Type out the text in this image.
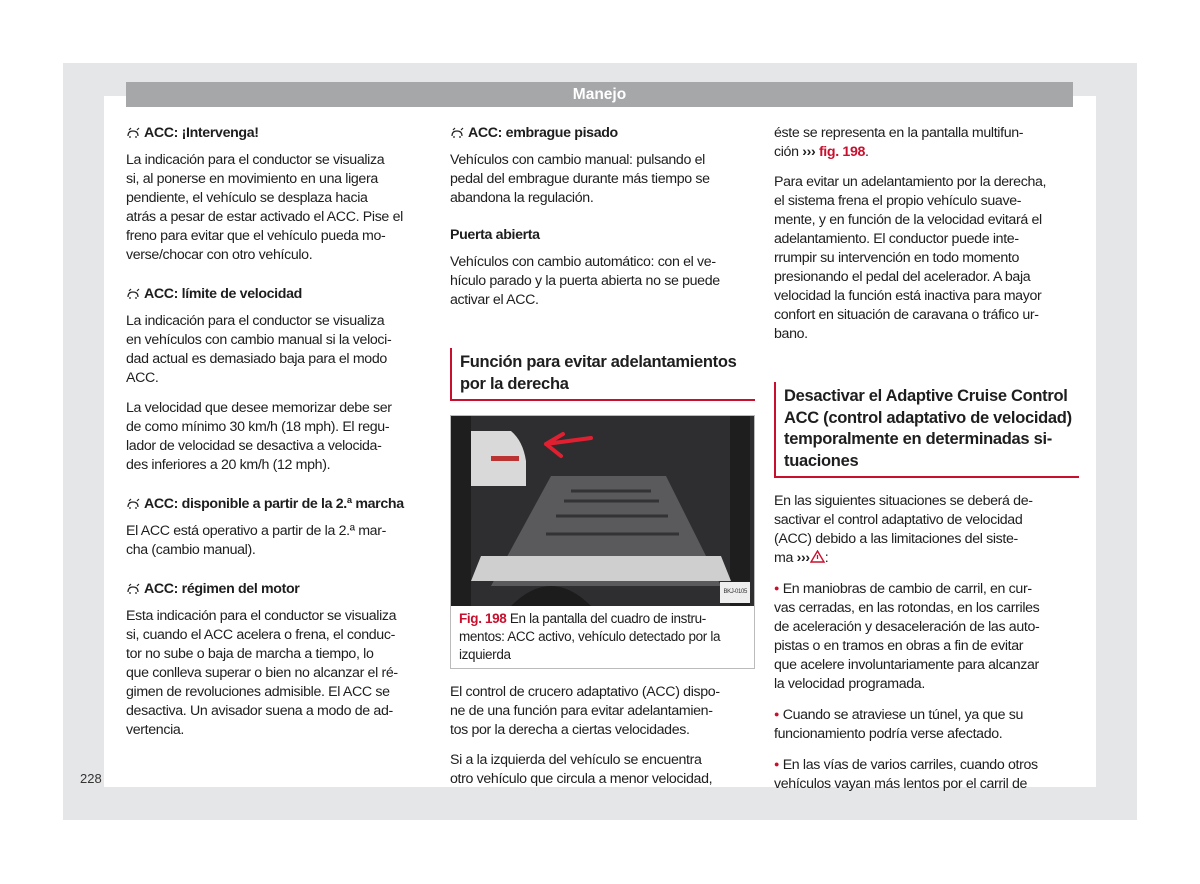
Manejo
228
ACC: ¡Intervenga!

La indicación para el conductor se visualiza
si, al ponerse en movimiento en una ligera
pendiente, el vehículo se desplaza hacia
atrás a pesar de estar activado el ACC. Pise el
freno para evitar que el vehículo pueda mo-
verse/chocar con otro vehículo.

ACC: límite de velocidad

La indicación para el conductor se visualiza
en vehículos con cambio manual si la veloci-
dad actual es demasiado baja para el modo
ACC.

La velocidad que desee memorizar debe ser
de como mínimo 30 km/h (18 mph). El regu-
lador de velocidad se desactiva a velocida-
des inferiores a 20 km/h (12 mph).

ACC: disponible a partir de la 2.ª marcha

El ACC está operativo a partir de la 2.ª mar-
cha (cambio manual).

ACC: régimen del motor

Esta indicación para el conductor se visualiza
si, cuando el ACC acelera o frena, el conduc-
tor no sube o baja de marcha a tiempo, lo
que conlleva superar o bien no alcanzar el ré-
gimen de revoluciones admisible. El ACC se
desactiva. Un avisador suena a modo de ad-
vertencia.

ACC: embrague pisado

Vehículos con cambio manual: pulsando el
pedal del embrague durante más tiempo se
abandona la regulación.

Puerta abierta

Vehículos con cambio automático: con el ve-
hículo parado y la puerta abierta no se puede
activar el ACC.

Función para evitar adelantamientos
por la derecha
BKJ-0105
Fig. 198 En la pantalla del cuadro de instru-
mentos: ACC activo, vehículo detectado por la
izquierda

El control de crucero adaptativo (ACC) dispo-
ne de una función para evitar adelantamien-
tos por la derecha a ciertas velocidades.

Si a la izquierda del vehículo se encuentra
otro vehículo que circula a menor velocidad,

éste se representa en la pantalla multifun-
ción ››› fig. 198.

Para evitar un adelantamiento por la derecha,
el sistema frena el propio vehículo suave-
mente, y en función de la velocidad evitará el
adelantamiento. El conductor puede inte-
rrumpir su intervención en todo momento
presionando el pedal del acelerador. A baja
velocidad la función está inactiva para mayor
confort en situación de caravana o tráfico ur-
bano.

Desactivar el Adaptive Cruise Control
ACC (control adaptativo de velocidad)
temporalmente en determinadas si-
tuaciones

En las siguientes situaciones se deberá de-
sactivar el control adaptativo de velocidad
(ACC) debido a las limitaciones del siste-
ma ››› :

● En maniobras de cambio de carril, en cur-
vas cerradas, en las rotondas, en los carriles
de aceleración y desaceleración de las auto-
pistas o en tramos en obras a fin de evitar
que acelere involuntariamente para alcanzar
la velocidad programada.

● Cuando se atraviese un túnel, ya que su
funcionamiento podría verse afectado.

● En las vías de varios carriles, cuando otros
vehículos vayan más lentos por el carril de
